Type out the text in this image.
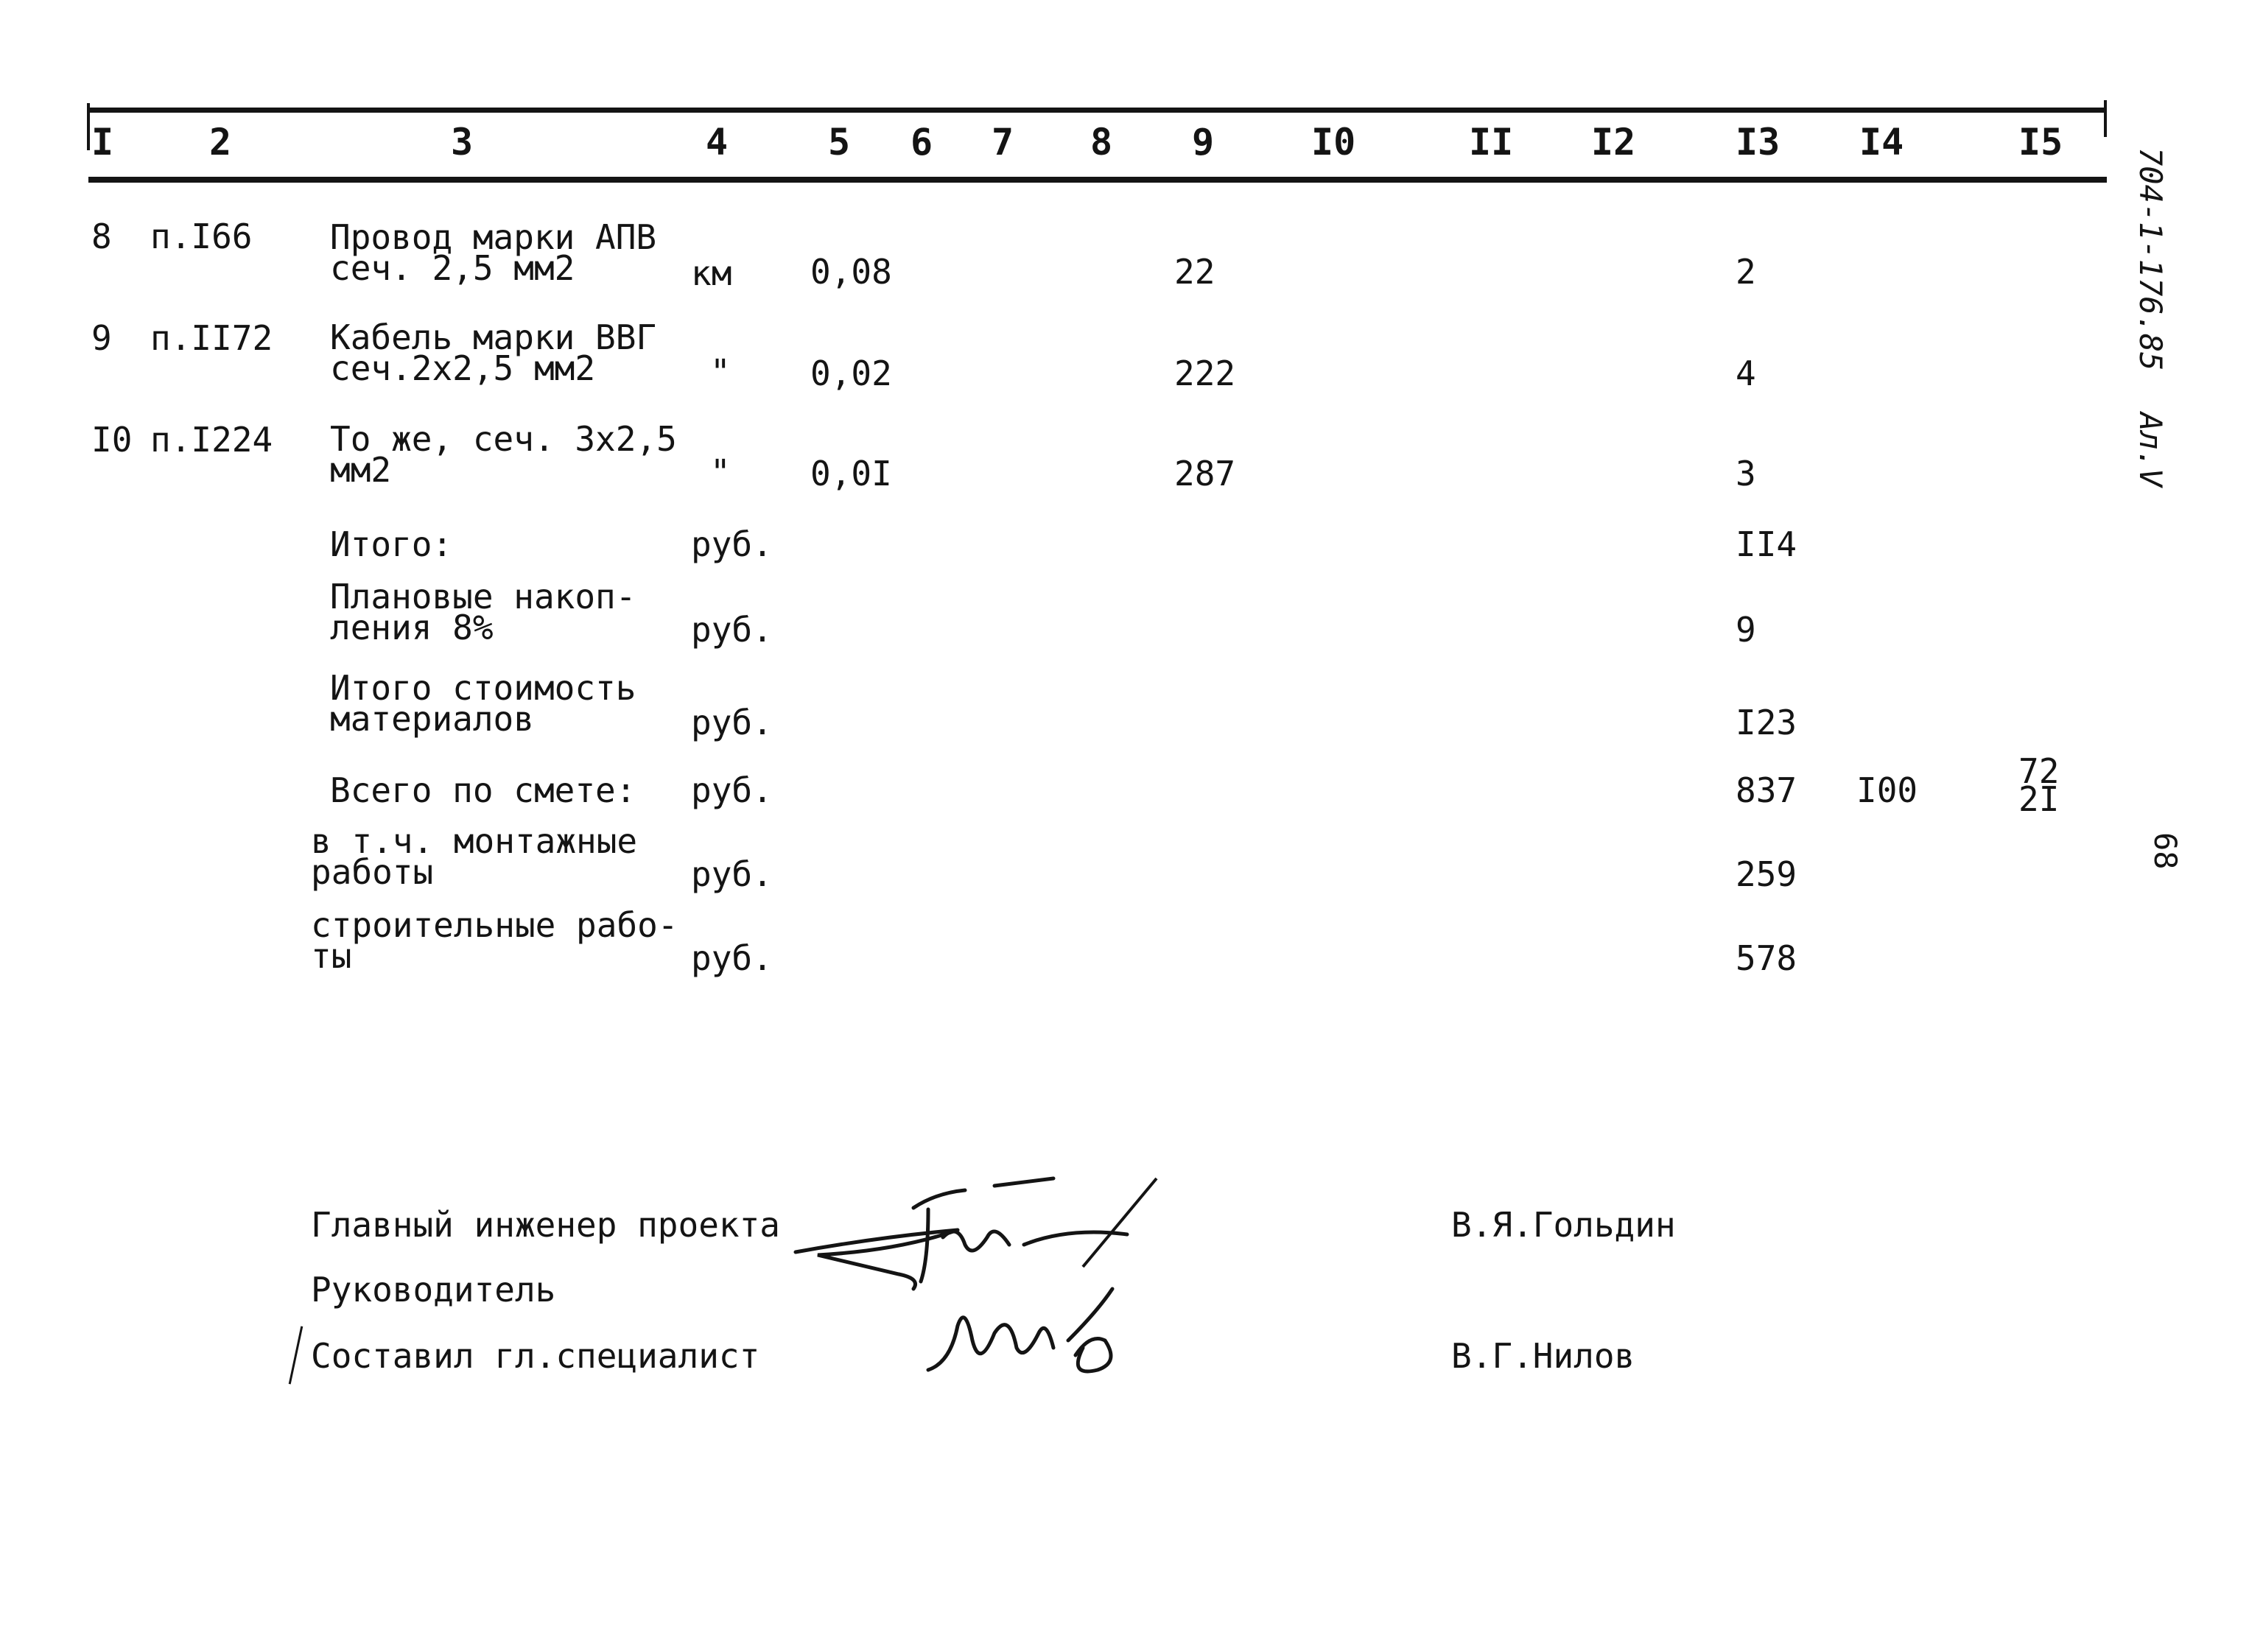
I	2	3	4	5 6 7 8 9	I0	II I2	I3 I4	I5
8 п.I66 Провод марки АПВ
сеч. 2,5 мм2	км 0,08	22	2
9 п.II72 Кабель марки ВВГ
сеч.2х2,5 мм2	" 0,02	222	4
I0 п.I224 То же, сеч. 3х2,5
мм2	" 0,0I	287	3
Итого:	руб.	II4
Плановые накоп-
ления 8%	руб.	9
Итого стоимость
материалов	руб.	I23
Всего по смете: руб.	837 I00	72
2I
в т.ч. монтажные
работы	руб.	259
строительные рабо-
ты	руб.	578
Главный инженер проекта	В.Я.Гольдин
Руководитель
Составил гл.специалист	В.Г.Нилов
704-1-176.85
Ал.V
68
